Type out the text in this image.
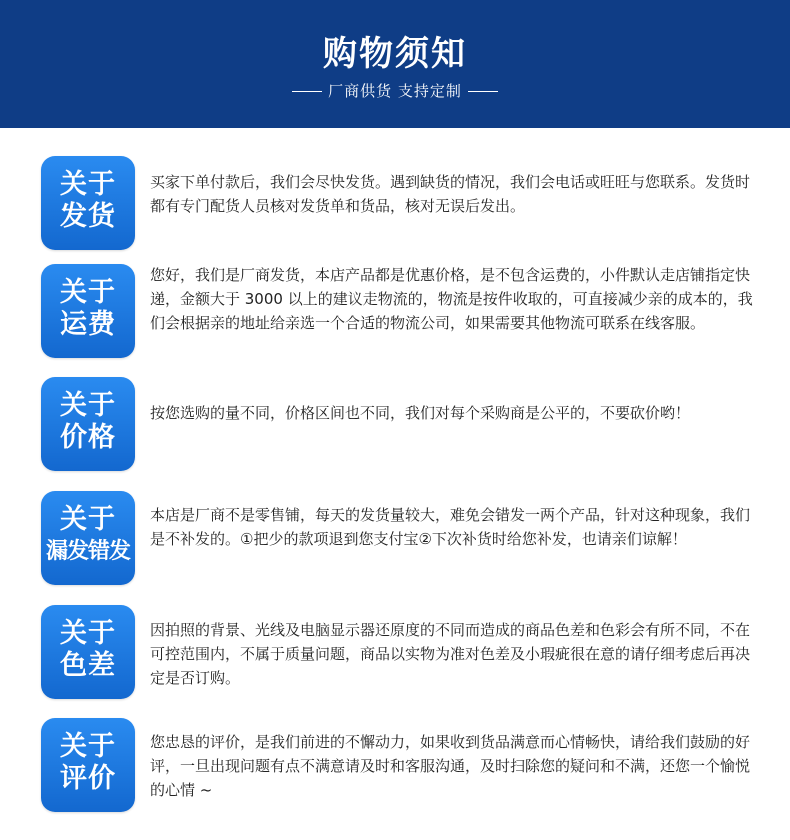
购物须知
厂商供货 支持定制
关于
发货
买家下单付款后，我们会尽快发货。遇到缺货的情况，我们会电话或旺旺与您联系。发货时都有专门配货人员核对发货单和货品，核对无误后发出。
关于
运费
您好，我们是厂商发货，本店产品都是优惠价格，是不包含运费的，小件默认走店铺指定快递，金额大于 3000 以上的建议走物流的，物流是按件收取的，可直接减少亲的成本的，我们会根据亲的地址给亲选一个合适的物流公司，如果需要其他物流可联系在线客服。
关于
价格
按您选购的量不同，价格区间也不同，我们对每个采购商是公平的，不要砍价哟！
关于
漏发错发
本店是厂商不是零售铺，每天的发货量较大，难免会错发一两个产品，针对这种现象，我们是不补发的。①把少的款项退到您支付宝②下次补货时给您补发，也请亲们谅解！
关于
色差
因拍照的背景、光线及电脑显示器还原度的不同而造成的商品色差和色彩会有所不同，不在可控范围内，不属于质量问题，商品以实物为准对色差及小瑕疵很在意的请仔细考虑后再决定是否订购。
关于
评价
您忠恳的评价，是我们前进的不懈动力，如果收到货品满意而心情畅快，请给我们鼓励的好评，一旦出现问题有点不满意请及时和客服沟通，及时扫除您的疑问和不满，还您一个愉悦的心情 ~
